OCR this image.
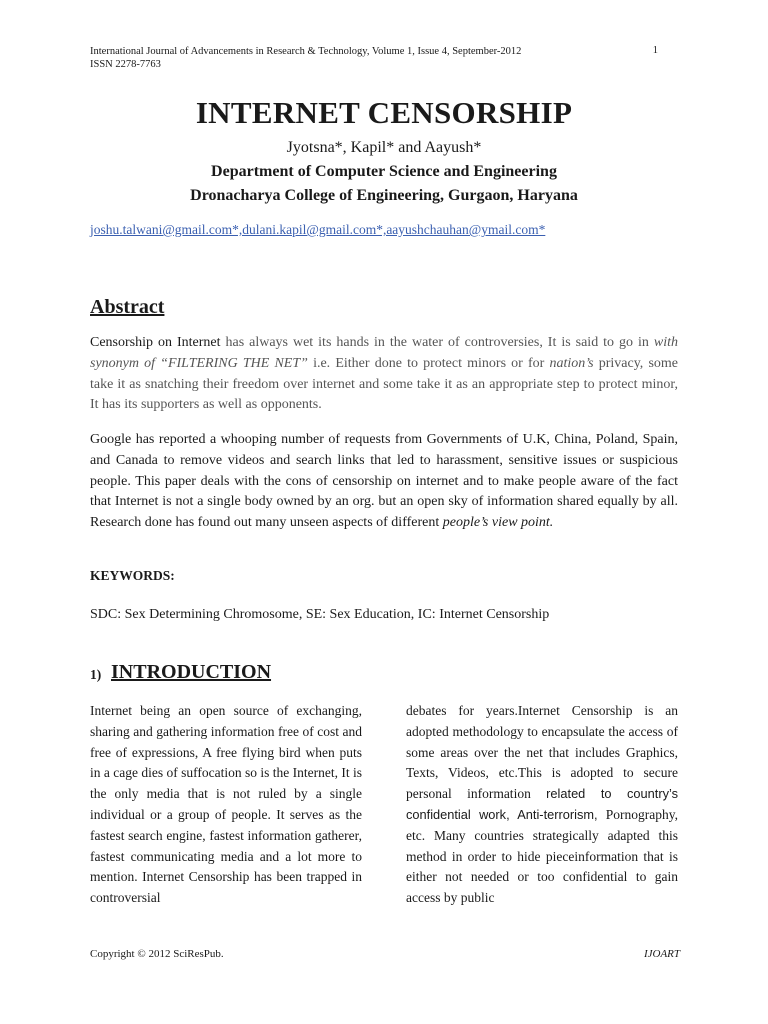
International Journal of Advancements in Research & Technology, Volume 1, Issue 4, September-2012
ISSN 2278-7763
1
INTERNET CENSORSHIP
Jyotsna*, Kapil* and Aayush*
Department of Computer Science and Engineering
Dronacharya College of Engineering, Gurgaon, Haryana
joshu.talwani@gmail.com*,dulani.kapil@gmail.com*,aayushchauhan@ymail.com*
Abstract
Censorship on Internet has always wet its hands in the water of controversies, It is said to go in with synonym of “FILTERING THE NET” i.e. Either done to protect minors or for nation’s privacy, some take it as snatching their freedom over internet and some take it as an appropriate step to protect minor, It has its supporters as well as opponents.
Google has reported a whooping number of requests from Governments of U.K, China, Poland, Spain, and Canada to remove videos and search links that led to harassment, sensitive issues or suspicious people. This paper deals with the cons of censorship on internet and to make people aware of the fact that Internet is not a single body owned by an org. but an open sky of information shared equally by all. Research done has found out many unseen aspects of different people’s view point.
KEYWORDS:
SDC: Sex Determining Chromosome, SE: Sex Education, IC: Internet Censorship
1) INTRODUCTION
Internet being an open source of exchanging, sharing and gathering information free of cost and free of expressions, A free flying bird when puts in a cage dies of suffocation so is the Internet, It is the only media that is not ruled by a single individual or a group of people. It serves as the fastest search engine, fastest information gatherer, fastest communicating media and a lot more to mention. Internet Censorship has been trapped in controversial
debates for years.Internet Censorship is an adopted methodology to encapsulate the access of some areas over the net that includes Graphics, Texts, Videos, etc.This is adopted to secure personal information related to country’s confidential work, Anti-terrorism, Pornography, etc. Many countries strategically adapted this method in order to hide pieceinformation that is either not needed or too confidential to gain access by public
Copyright © 2012 SciResPub.	IJOART
